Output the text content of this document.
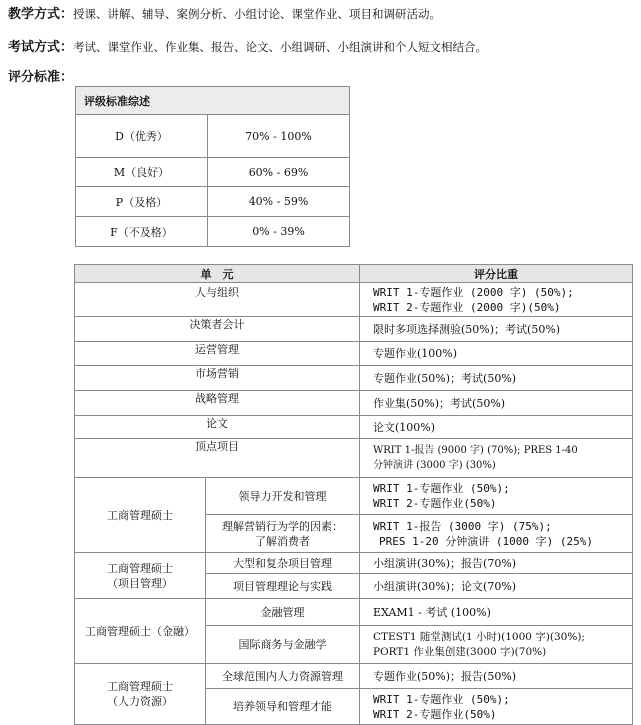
教学方式：授课、讲解、辅导、案例分析、小组讨论、课堂作业、项目和调研活动。
考试方式：考试、课堂作业、作业集、报告、论文、小组调研、小组演讲和个人短文相结合。
评分标准：
评级标准综述	
D（优秀）	70% - 100%
M（良好）	60% - 69%
P（及格）	40% - 59%
F（不及格）	0% - 39%
单　元		评分比重
人与组织		WRIT 1-专题作业 (2000 字) (50%);
WRIT 2-专题作业 (2000 字)(50%)

决策者会计		限时多项选择测验(50%)；考试(50%)
运营管理		专题作业(100%)
市场营销		专题作业(50%)；考试(50%)
战略管理		作业集(50%)；考试(50%)
论文		论文(100%)
顶点项目		WRIT 1-报告 (9000 字) (70%); PRES 1-40
分钟演讲 (3000 字) (30%)

工商管理硕士	领导力开发和管理	WRIT 1-专题作业 (50%);
WRIT 2-专题作业(50%)

	理解营销行为学的因素：
了解消费者	WRIT 1-报告 (3000 字) (75%);
PRES 1-20 分钟演讲 (1000 字) (25%)

工商管理硕士
（项目管理）	大型和复杂项目管理	小组演讲(30%)；报告(70%)

	项目管理理论与实践	小组演讲(30%)；论文(70%)

工商管理硕士（金融）	金融管理	EXAM1 - 考试 (100%)

	国际商务与金融学	CTEST1 随堂测试(1 小时)(1000 字)(30%);
PORT1 作业集创建(3000 字)(70%)

工商管理硕士
（人力资源）	全球范围内人力资源管理	专题作业(50%)；报告(50%)

	培养领导和管理才能	WRIT 1-专题作业 (50%);
WRIT 2-专题作业(50%)
